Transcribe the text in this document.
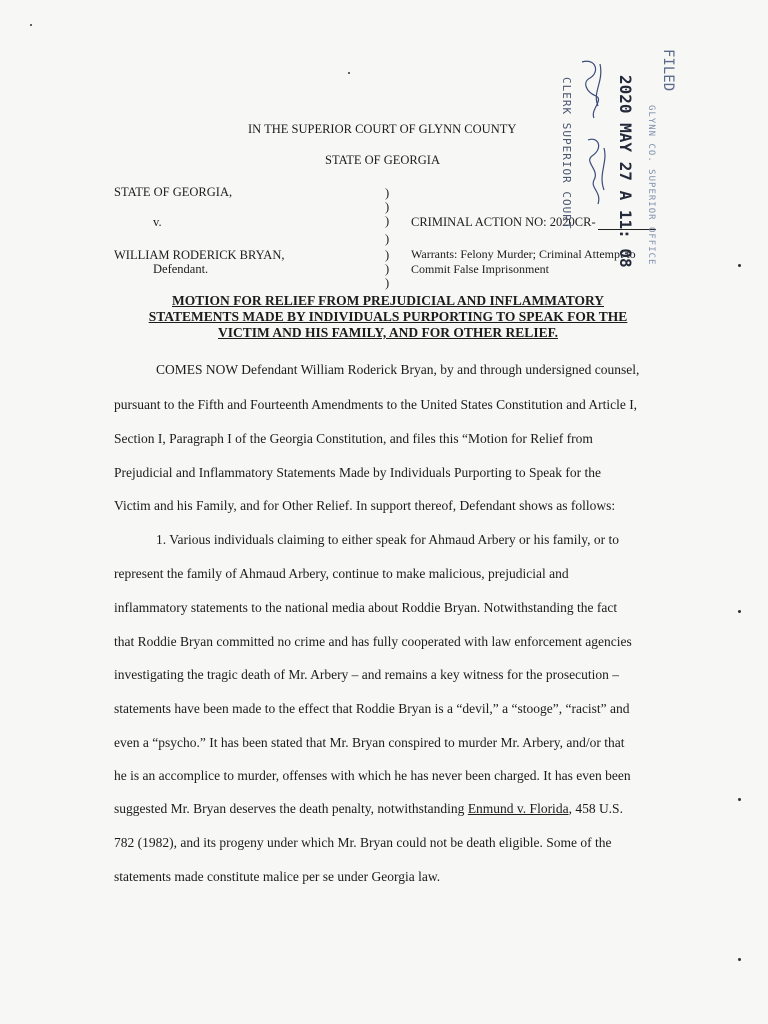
IN THE SUPERIOR COURT OF GLYNN COUNTY
STATE OF GEORGIA
STATE OF GEORGIA,
v.
WILLIAM RODERICK BRYAN,
Defendant.
)
)
)
)
)
)
)
CRIMINAL ACTION NO: 2020CR-
Warrants: Felony Murder; Criminal Attempt to
Commit False Imprisonment
FILED
GLYNN CO. SUPERIOR OFFICE
2020 MAY 27 A 11: 08
CLERK SUPERIOR COURT
MOTION FOR RELIEF FROM PREJUDICIAL AND INFLAMMATORY
STATEMENTS MADE BY INDIVIDUALS PURPORTING TO SPEAK FOR THE
VICTIM AND HIS FAMILY, AND FOR OTHER RELIEF.
COMES NOW Defendant William Roderick Bryan, by and through undersigned counsel,
pursuant to the Fifth and Fourteenth Amendments to the United States Constitution and Article I,
Section I, Paragraph I of the Georgia Constitution, and files this “Motion for Relief from
Prejudicial and Inflammatory Statements Made by Individuals Purporting to Speak for the
Victim and his Family, and for Other Relief. In support thereof, Defendant shows as follows:
1. Various individuals claiming to either speak for Ahmaud Arbery or his family, or to
represent the family of Ahmaud Arbery, continue to make malicious, prejudicial and
inflammatory statements to the national media about Roddie Bryan. Notwithstanding the fact
that Roddie Bryan committed no crime and has fully cooperated with law enforcement agencies
investigating the tragic death of Mr. Arbery – and remains a key witness for the prosecution –
statements have been made to the effect that Roddie Bryan is a “devil,” a “stooge”, “racist” and
even a “psycho.” It has been stated that Mr. Bryan conspired to murder Mr. Arbery, and/or that
he is an accomplice to murder, offenses with which he has never been charged. It has even been
suggested Mr. Bryan deserves the death penalty, notwithstanding Enmund v. Florida, 458 U.S.
782 (1982), and its progeny under which Mr. Bryan could not be death eligible. Some of the
statements made constitute malice per se under Georgia law.
